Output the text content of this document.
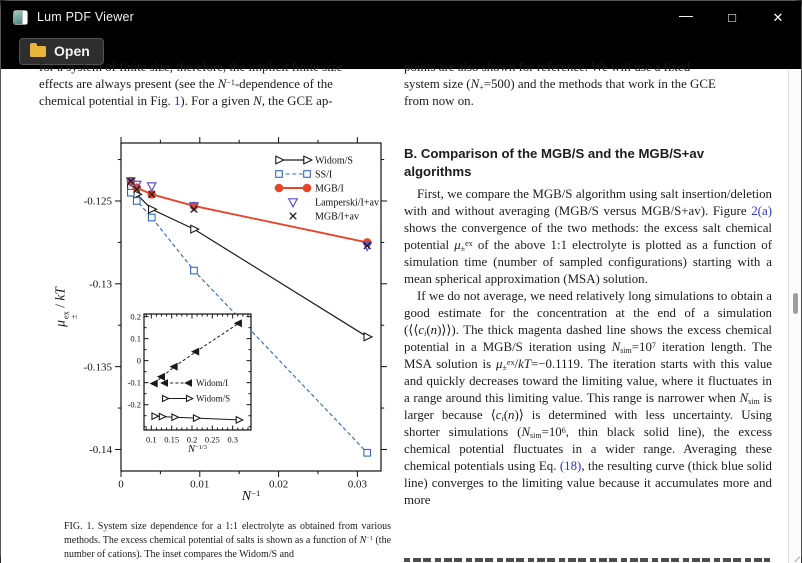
Lum PDF Viewer	—	□	✕
Open
for a system of finite size; therefore, the implicit finite size
effects are always present (see the $N^{-1}$-dependence of the
chemical potential in Fig. 1). For a given N, the GCE ap-
0	0.01	0.02	0.03
-0.125
-0.13
-0.135
-0.14
0.1 0.15 0.2 0.25 0.3
0.2
0.1
0
-0.1
-0.2
Widom/I
Widom/S
Widom/S
SS/I
MGB/I
Lamperski/I+av
MGB/I+av
μ
ex
±
/ kT
$N^{-1}$
$N^{-1/3}$
FIG. 1. System size dependence for a 1:1 electrolyte as obtained from various methods. The excess chemical potential of salts is shown as a function of $N^{-1}$ (the number of cations). The inset compares the Widom/S and
points are also shown for reference. We will use a fixed
system size $(N_+=500)$ and the methods that work in the GCE
from now on.
B. Comparison of the MGB/S and the MGB/S+av algorithms

First, we compare the MGB/S algorithm using salt insertion/deletion with and without averaging (MGB/S versus MGB/S+av). Figure 2(a) shows the convergence of the two methods: the excess salt chemical potential $\mu_\pm^{ex}$ of the above 1:1 electrolyte is plotted as a function of simulation time (number of sampled configurations) starting with a mean spherical approximation (MSA) solution.

If we do not average, we need relatively long simulations to obtain a good estimate for the concentration at the end of a simulation $(⟨⟨c_i(n)⟩⟩)$. The thick magenta dashed line shows the excess chemical potential in a MGB/S iteration using $N_{sim}=10^7$ iteration length. The MSA solution is $\mu_\pm^{ex}/kT=-0.1119$. The iteration starts with this value and quickly decreases toward the limiting value, where it fluctuates in a range around this limiting value. This range is narrower when $N_{sim}$ is larger because $⟨c_i(n)⟩$ is determined with less uncertainty. Using shorter simulations ($N_{sim}=10^6$, thin black solid line), the excess chemical potential fluctuates in a wider range. Averaging these chemical potentials using Eq. (18), the resulting curve (thick blue solid line) converges to the limiting value because it accumulates more and more
